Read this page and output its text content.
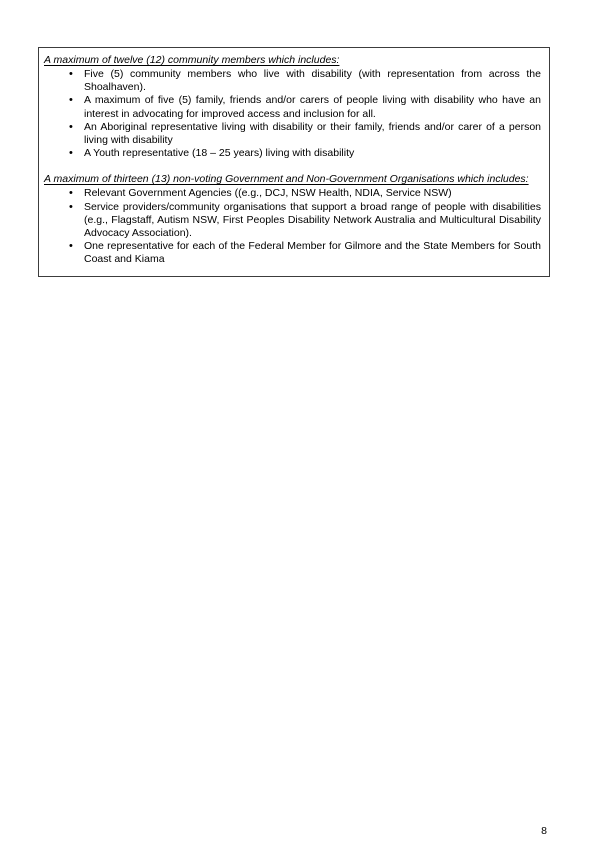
A maximum of twelve (12) community members which includes:

• Five (5) community members who live with disability (with representation from across the Shoalhaven).
• A maximum of five (5) family, friends and/or carers of people living with disability who have an interest in advocating for improved access and inclusion for all.
• An Aboriginal representative living with disability or their family, friends and/or carer of a person living with disability
• A Youth representative (18 – 25 years) living with disability

A maximum of thirteen (13) non-voting Government and Non-Government Organisations which includes:

• Relevant Government Agencies ((e.g., DCJ, NSW Health, NDIA, Service NSW)
• Service providers/community organisations that support a broad range of people with disabilities (e.g., Flagstaff, Autism NSW, First Peoples Disability Network Australia and Multicultural Disability Advocacy Association).
• One representative for each of the Federal Member for Gilmore and the State Members for South Coast and Kiama
8
